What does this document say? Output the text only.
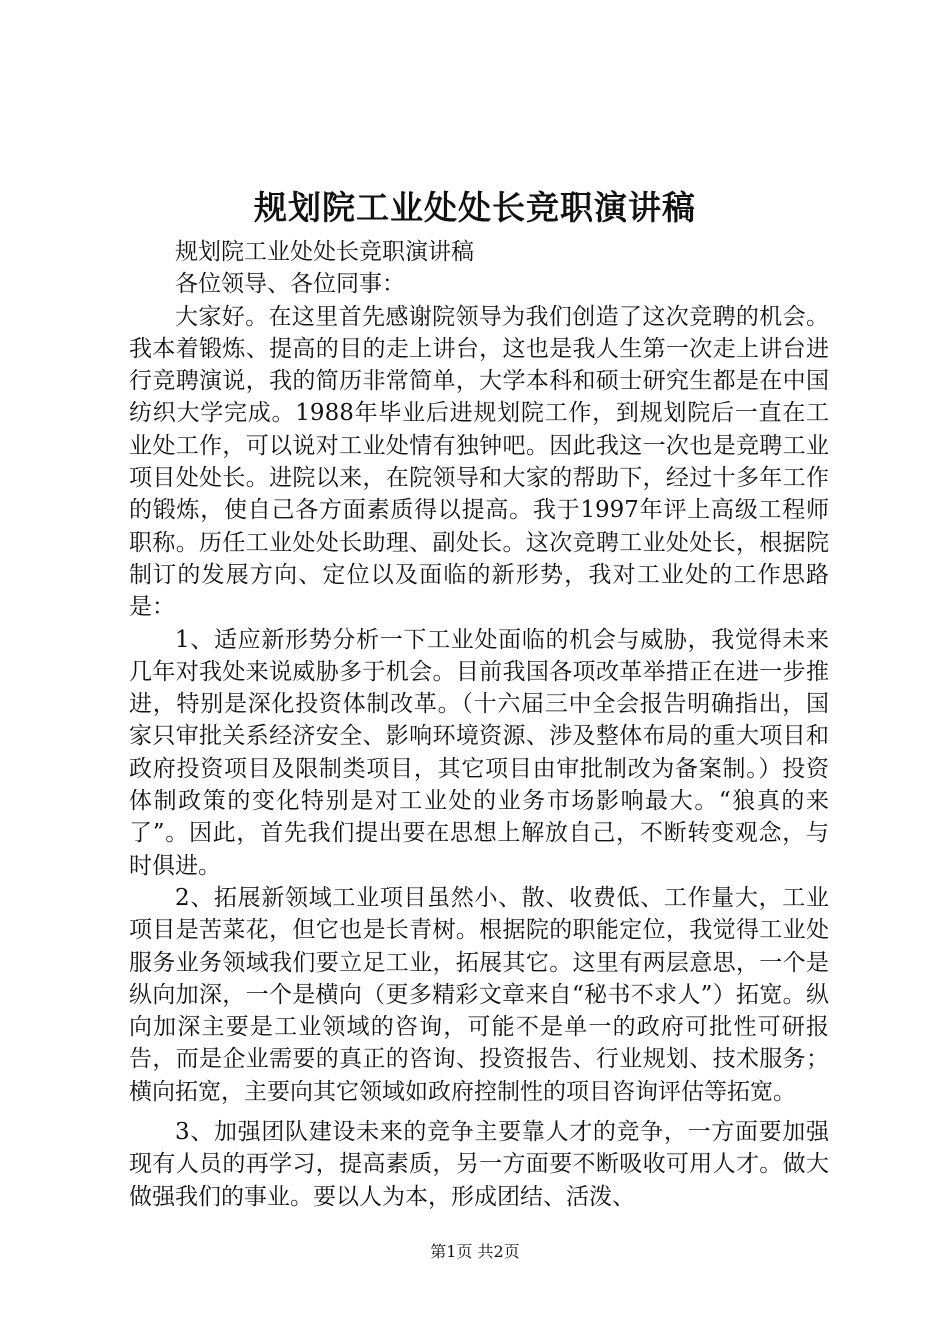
规划院工业处处长竞职演讲稿

规划院工业处处长竞职演讲稿

各位领导、各位同事：

大家好。在这里首先感谢院领导为我们创造了这次竞聘的机会。我本着锻炼、提高的目的走上讲台，这也是我人生第一次走上讲台进行竞聘演说，我的简历非常简单，大学本科和硕士研究生都是在中国纺织大学完成。1988年毕业后进规划院工作，到规划院后一直在工业处工作，可以说对工业处情有独钟吧。因此我这一次也是竞聘工业项目处处长。进院以来，在院领导和大家的帮助下，经过十多年工作的锻炼，使自己各方面素质得以提高。我于1997年评上高级工程师职称。历任工业处处长助理、副处长。这次竞聘工业处处长，根据院制订的发展方向、定位以及面临的新形势，我对工业处的工作思路是：

1、适应新形势分析一下工业处面临的机会与威胁，我觉得未来几年对我处来说威胁多于机会。目前我国各项改革举措正在进一步推进，特别是深化投资体制改革。（十六届三中全会报告明确指出，国家只审批关系经济安全、影响环境资源、涉及整体布局的重大项目和政府投资项目及限制类项目，其它项目由审批制改为备案制。）投资体制政策的变化特别是对工业处的业务市场影响最大。“狼真的来了”。因此，首先我们提出要在思想上解放自己，不断转变观念，与时俱进。

2、拓展新领域工业项目虽然小、散、收费低、工作量大，工业项目是苦菜花，但它也是长青树。根据院的职能定位，我觉得工业处服务业务领域我们要立足工业，拓展其它。这里有两层意思，一个是纵向加深，一个是横向（更多精彩文章来自“秘书不求人”）拓宽。纵向加深主要是工业领域的咨询，可能不是单一的政府可批性可研报告，而是企业需要的真正的咨询、投资报告、行业规划、技术服务；横向拓宽，主要向其它领域如政府控制性的项目咨询评估等拓宽。

3、加强团队建设未来的竞争主要靠人才的竞争，一方面要加强现有人员的再学习，提高素质，另一方面要不断吸收可用人才。做大做强我们的事业。要以人为本，形成团结、活泼、

第1页 共2页
